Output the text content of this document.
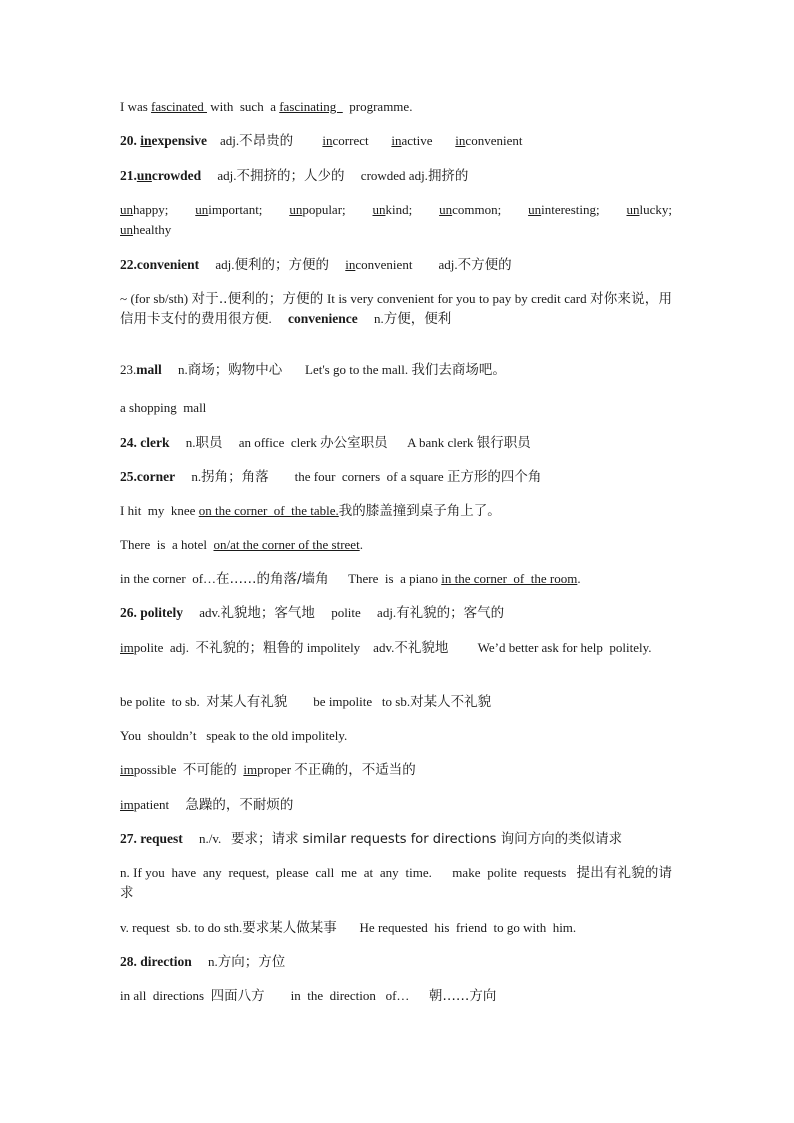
I was fascinated  with  such  a fascinating    programme.
20. inexpensive    adj.不昂贵的 incorrect inactive inconvenient
21.uncrowded     adj.不拥挤的；人少的     crowded adj.拥挤的
unhappy; unimportant; unpopular; unkind; uncommon; uninteresting; unlucky;
unhealthy
22.convenient     adj.便利的；方便的 inconvenient        adj.不方便的
~ (for sb/sth) 对于..便利的；方便的 It is very convenient for you to pay by credit card 对你来说，用信用卡支付的费用很方便.     convenience     n.方便，便利
23.mall     n.商场；购物中心       Let's go to the mall. 我们去商场吧。
a shopping  mall
24. clerk     n.职员     an office  clerk 办公室职员      A bank clerk 银行职员
25.corner     n.拐角；角落        the four  corners  of a square 正方形的四个角
I hit  my  knee on the corner  of  the table.我的膝盖撞到桌子角上了。
There  is  a hotel  on/at the corner of the street.
in the corner  of…在……的角落/墙角      There  is  a piano in the corner  of  the room.
26. politely     adv.礼貌地；客气地     polite     adj.有礼貌的；客气的
impolite  adj.  不礼貌的；粗鲁的 impolitely    adv.不礼貌地         We’d better ask for help  politely.
be polite  to sb.  对某人有礼貌        be impolite   to sb.对某人不礼貌
You  shouldn’t   speak to the old impolitely.
impossible  不可能的 improper 不正确的，不适当的
impatient     急躁的，不耐烦的
27. request     n./v.   要求；请求 similar requests for directions 询问方向的类似请求
n. If you  have  any  request,  please  call  me  at  any  time.      make  polite  requests   提出有礼貌的请求
v. request  sb. to do sth.要求某人做某事       He requested  his  friend  to go with  him.
28. direction     n.方向；方位
in all  directions  四面八方        in  the  direction   of…      朝……方向
